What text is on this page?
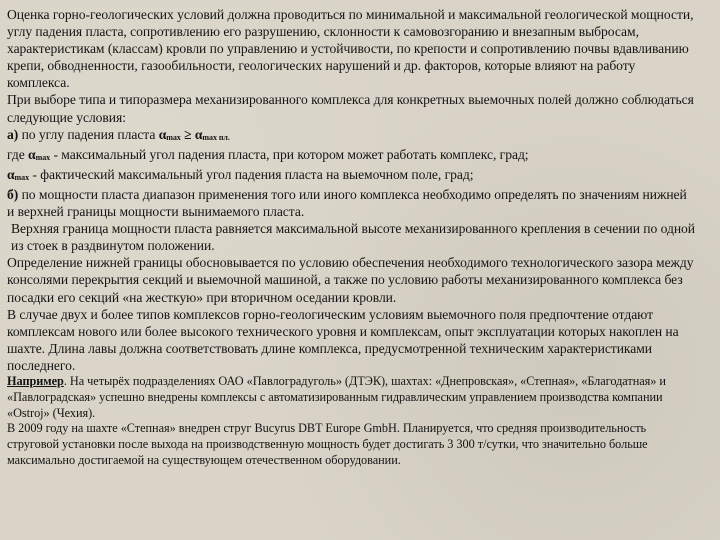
Оценка горно-геологических условий должна проводиться по минимальной и максимальной геологической мощности, углу падения пласта, сопротивлению его разрушению, склонности к самовозгоранию и внезапным выбросам, характеристикам (классам) кровли по управлению и устойчивости, по крепости и сопротивлению почвы вдавливанию крепи, обводненности, газообильности, геологических нарушений и др. факторов, которые влияют на работу комплекса.

При выборе типа и типоразмера механизированного комплекса для конкретных выемочных полей должно соблюдаться следующие условия:

а) по углу падения пласта $\alpha_{max} \ge \alpha_{max пл.}$

где $\alpha_{max}$ - максимальный угол падения пласта, при котором может работать комплекс, град;

$\alpha_{max}$ - фактический максимальный угол падения пласта на выемочном поле, град;

б) по мощности пласта диапазон применения того или иного комплекса необходимо определять по значениям нижней и верхней границы мощности вынимаемого пласта.

Верхняя граница мощности пласта равняется максимальной высоте механизированного крепления в сечении по одной из стоек в раздвинутом положении.

Определение нижней границы обосновывается по условию обеспечения необходимого технологического зазора между консолями перекрытия секций и выемочной машиной, а также по условию работы механизированного комплекса без посадки его секций «на жесткую» при вторичном оседании кровли.

В случае двух и более типов комплексов горно-геологическим условиям выемочного поля предпочтение отдают комплексам нового или более высокого технического уровня и комплексам, опыт эксплуатации которых накоплен на шахте. Длина лавы должна соответствовать длине комплекса, предусмотренной техническим характеристиками последнего.

Например. На четырёх подразделениях ОАО «Павлоградуголь» (ДТЭК), шахтах: «Днепровская», «Степная», «Благодатная» и «Павлоградская» успешно внедрены комплексы с автоматизированным гидравлическим управлением производства компании «Ostroj» (Чехия).

В 2009 году на шахте «Степная» внедрен струг Bucyrus DBT Europe GmbH. Планируется, что средняя производительность струговой установки после выхода на производственную мощность будет достигать 3 300 т/сутки, что значительно больше максимально достигаемой на существующем отечественном оборудовании.
